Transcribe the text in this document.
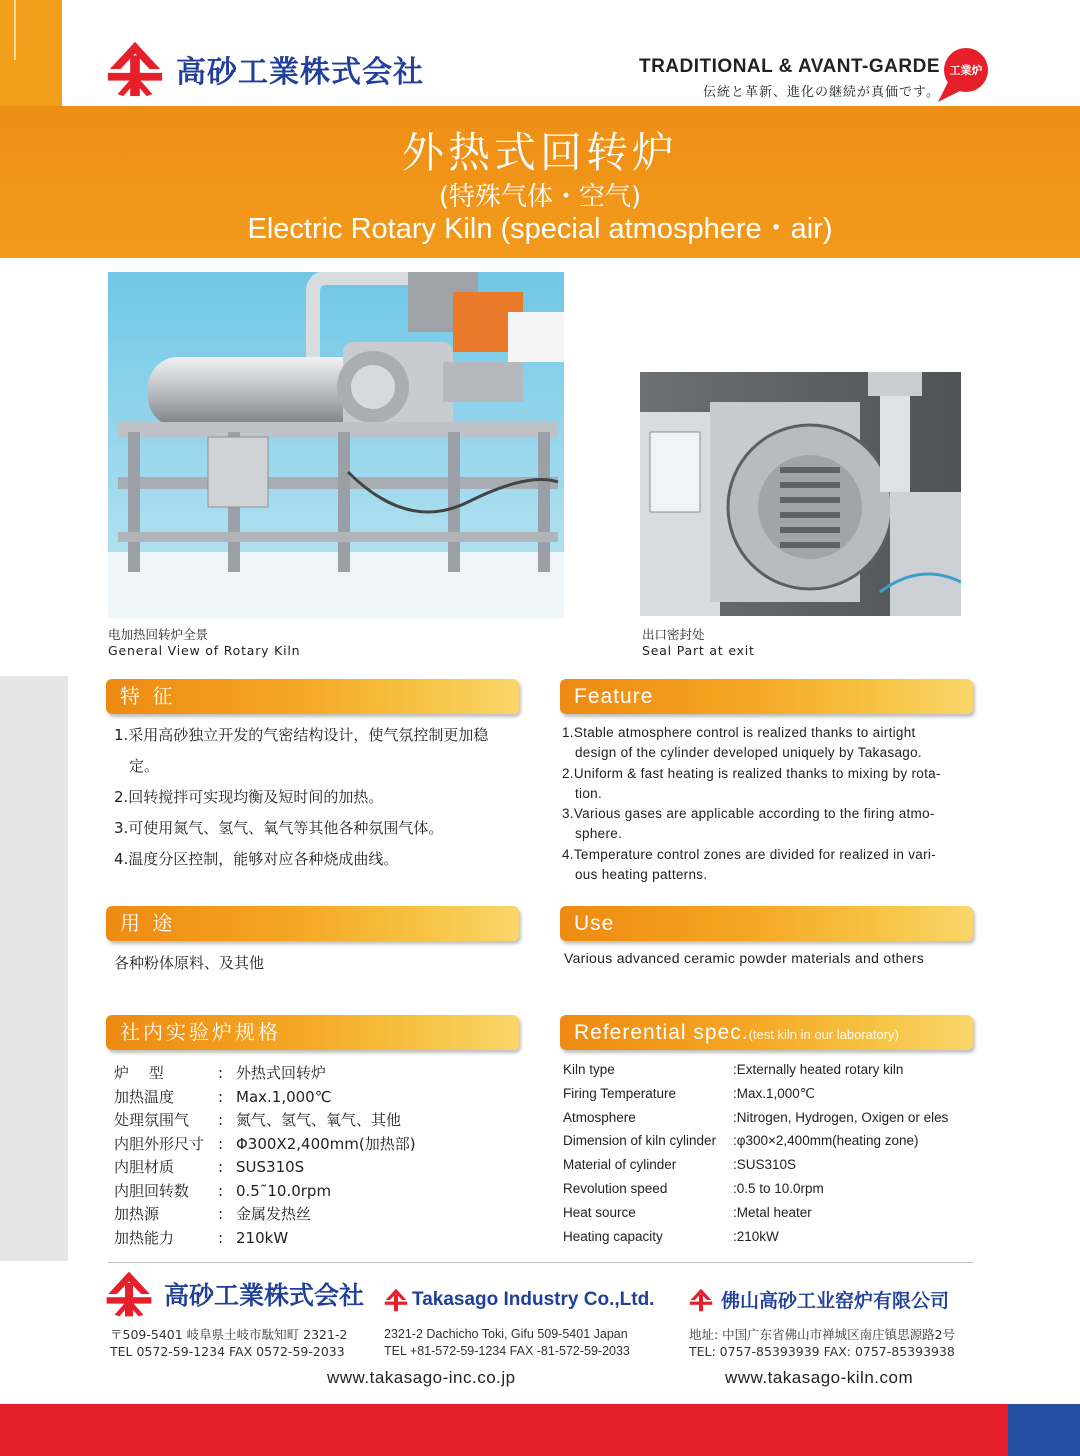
高砂工業株式会社	TRADITIONAL & AVANT-GARDE
伝統と革新、進化の継続が真価です。
工業炉
外热式回转炉
(特殊气体・空气)
Electric Rotary Kiln (special atmosphere・air)
电加热回转炉全景
General View of Rotary Kiln
出口密封处
Seal Part at exit
特 征	Feature
1.采用高砂独立开发的气密结构设计，使气氛控制更加稳
定。
2.回转搅拌可实现均衡及短时间的加热。
3.可使用氮气、氢气、氧气等其他各种氛围气体。
4.温度分区控制，能够对应各种烧成曲线。
1.Stable atmosphere control is realized thanks to airtight
design of the cylinder developed uniquely by Takasago.
2.Uniform & fast heating is realized thanks to mixing by rota-
tion.
3.Various gases are applicable according to the firing atmo-
sphere.
4.Temperature control zones are divided for realized in vari-
ous heating patterns.
用 途	Use
各种粉体原料、及其他	Various advanced ceramic powder materials and others
社内实验炉规格	Referential spec.(test kiln in our laboratory)
炉　 型	: 外热式回转炉
加热温度	: Max.1,000℃
处理氛围气	: 氮气、氢气、氧气、其他
内胆外形尺寸 : Φ300X2,400mm(加热部)
内胆材质	: SUS310S
内胆回转数	: 0.5˜10.0rpm
加热源	: 金属发热丝
加热能力	: 210kW
Kiln type	:Externally heated rotary kiln
Firing Temperature	:Max.1,000℃
Atmosphere	:Nitrogen, Hydrogen, Oxigen or eles
Dimension of kiln cylinder	:φ300×2,400mm(heating zone)
Material of cylinder	:SUS310S
Revolution speed	:0.5 to 10.0rpm
Heat source	:Metal heater
Heating capacity	:210kW
高砂工業株式会社	Takasago Industry Co.,Ltd.	佛山高砂工业窑炉有限公司
〒509-5401 岐阜県土岐市駄知町 2321-2
TEL 0572-59-1234 FAX 0572-59-2033
2321-2 Dachicho Toki, Gifu 509-5401 Japan
TEL +81-572-59-1234 FAX -81-572-59-2033
地址: 中国广东省佛山市禅城区南庄镇思源路2号
TEL: 0757-85393939 FAX: 0757-85393938
www.takasago-inc.co.jp	www.takasago-kiln.com
